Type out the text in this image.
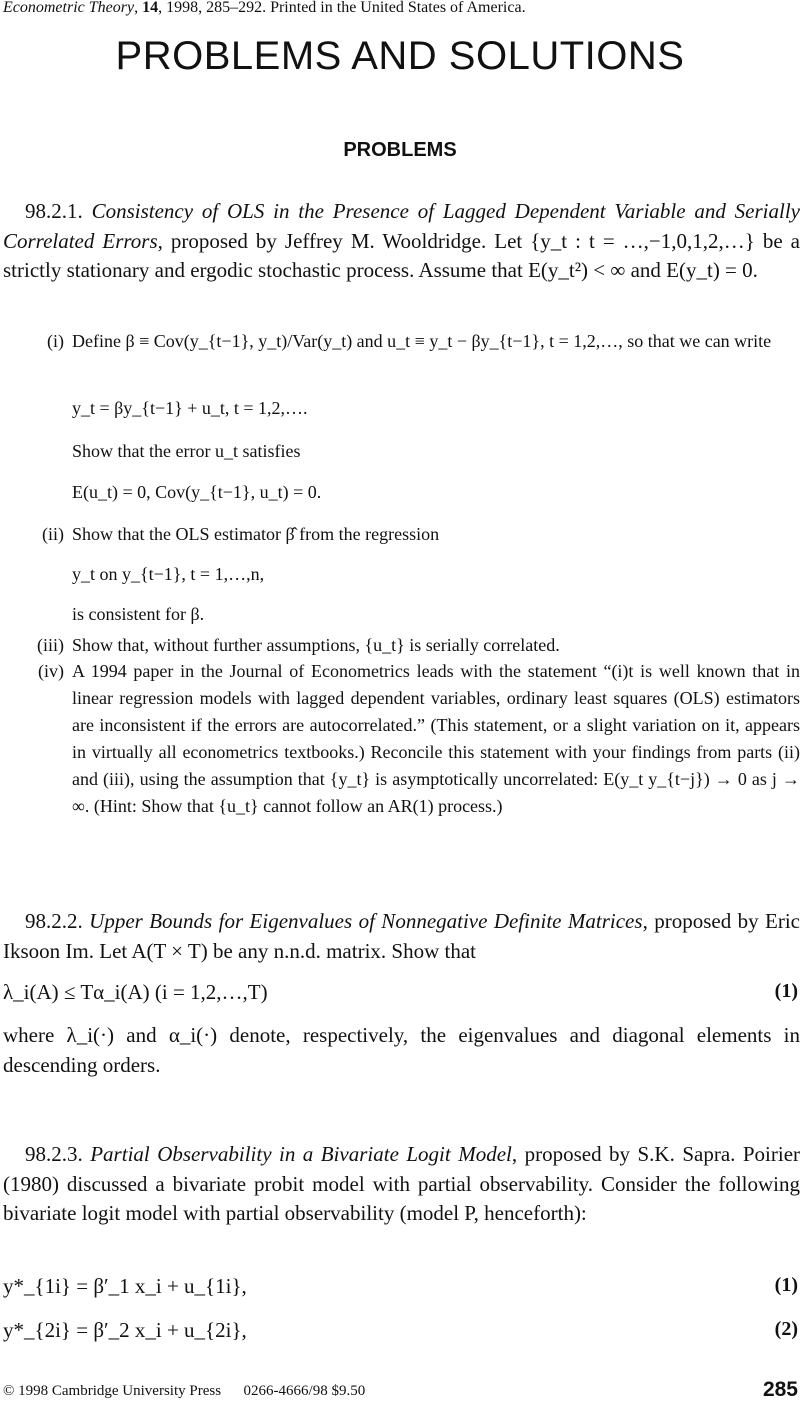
Econometric Theory, 14, 1998, 285–292. Printed in the United States of America.
PROBLEMS AND SOLUTIONS
PROBLEMS
98.2.1. Consistency of OLS in the Presence of Lagged Dependent Variable and Serially Correlated Errors, proposed by Jeffrey M. Wooldridge. Let {y_t : t = …,−1,0,1,2,…} be a strictly stationary and ergodic stochastic process. Assume that E(y_t²) < ∞ and E(y_t) = 0.
(i) Define β ≡ Cov(y_{t−1}, y_t)/Var(y_t) and u_t ≡ y_t − βy_{t−1}, t = 1,2,…, so that we can write
y_t = βy_{t−1} + u_t, t = 1,2,….
Show that the error u_t satisfies
E(u_t) = 0, Cov(y_{t−1}, u_t) = 0.
(ii) Show that the OLS estimator β̂ from the regression
y_t on y_{t−1}, t = 1,…,n,
is consistent for β.
(iii) Show that, without further assumptions, {u_t} is serially correlated.
(iv) A 1994 paper in the Journal of Econometrics leads with the statement “(i)t is well known that in linear regression models with lagged dependent variables, ordinary least squares (OLS) estimators are inconsistent if the errors are autocorrelated.” (This statement, or a slight variation on it, appears in virtually all econometrics textbooks.) Reconcile this statement with your findings from parts (ii) and (iii), using the assumption that {y_t} is asymptotically uncorrelated: E(y_t y_{t−j}) → 0 as j → ∞. (Hint: Show that {u_t} cannot follow an AR(1) process.)
98.2.2. Upper Bounds for Eigenvalues of Nonnegative Definite Matrices, proposed by Eric Iksoon Im. Let A(T × T) be any n.n.d. matrix. Show that
λ_i(A) ≤ Tα_i(A) (i = 1,2,…,T)	(1)
where λ_i(·) and α_i(·) denote, respectively, the eigenvalues and diagonal elements in descending orders.
98.2.3. Partial Observability in a Bivariate Logit Model, proposed by S.K. Sapra. Poirier (1980) discussed a bivariate probit model with partial observability. Consider the following bivariate logit model with partial observability (model P, henceforth):
y*_{1i} = β′_1 x_i + u_{1i},	(1)
y*_{2i} = β′_2 x_i + u_{2i},	(2)
© 1998 Cambridge University Press      0266-4666/98 $9.50	285
